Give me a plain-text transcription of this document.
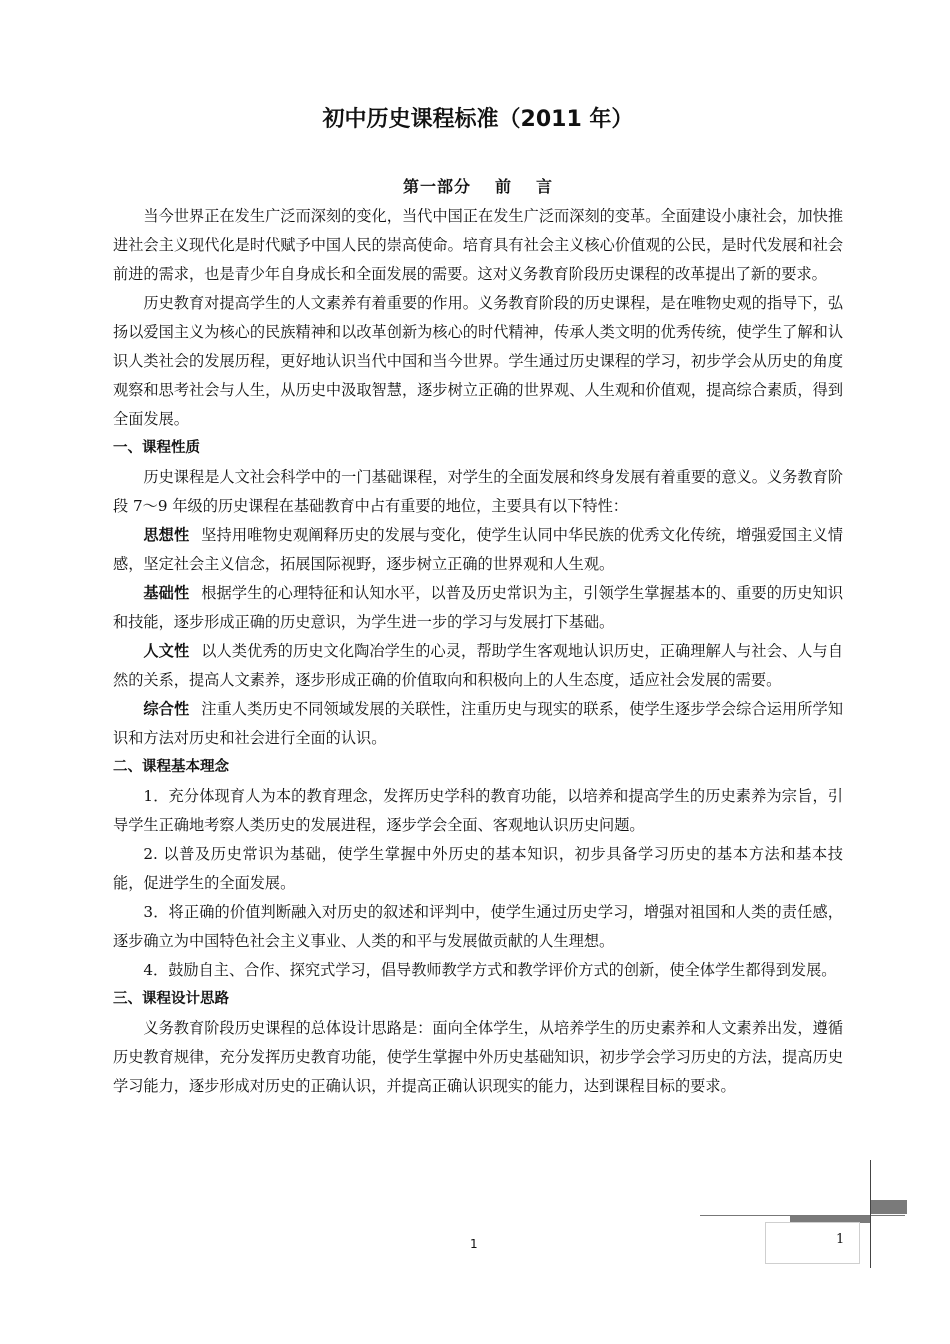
初中历史课程标准（2011 年）
第一部分 前 言

当今世界正在发生广泛而深刻的变化，当代中国正在发生广泛而深刻的变革。全面建设小康社会，加快推进社会主义现代化是时代赋予中国人民的崇高使命。培育具有社会主义核心价值观的公民，是时代发展和社会前进的需求，也是青少年自身成长和全面发展的需要。这对义务教育阶段历史课程的改革提出了新的要求。

历史教育对提高学生的人文素养有着重要的作用。义务教育阶段的历史课程，是在唯物史观的指导下，弘扬以爱国主义为核心的民族精神和以改革创新为核心的时代精神，传承人类文明的优秀传统，使学生了解和认识人类社会的发展历程，更好地认识当代中国和当今世界。学生通过历史课程的学习，初步学会从历史的角度观察和思考社会与人生，从历史中汲取智慧，逐步树立正确的世界观、人生观和价值观，提高综合素质，得到全面发展。

一、课程性质

历史课程是人文社会科学中的一门基础课程，对学生的全面发展和终身发展有着重要的意义。义务教育阶段 7～9 年级的历史课程在基础教育中占有重要的地位，主要具有以下特性：

思想性 坚持用唯物史观阐释历史的发展与变化，使学生认同中华民族的优秀文化传统，增强爱国主义情感，坚定社会主义信念，拓展国际视野，逐步树立正确的世界观和人生观。

基础性 根据学生的心理特征和认知水平，以普及历史常识为主，引领学生掌握基本的、重要的历史知识和技能，逐步形成正确的历史意识，为学生进一步的学习与发展打下基础。

人文性 以人类优秀的历史文化陶冶学生的心灵，帮助学生客观地认识历史，正确理解人与社会、人与自然的关系，提高人文素养，逐步形成正确的价值取向和积极向上的人生态度，适应社会发展的需要。

综合性 注重人类历史不同领域发展的关联性，注重历史与现实的联系，使学生逐步学会综合运用所学知识和方法对历史和社会进行全面的认识。

二、课程基本理念

1．充分体现育人为本的教育理念，发挥历史学科的教育功能，以培养和提高学生的历史素养为宗旨，引导学生正确地考察人类历史的发展进程，逐步学会全面、客观地认识历史问题。

2. 以普及历史常识为基础，使学生掌握中外历史的基本知识，初步具备学习历史的基本方法和基本技能，促进学生的全面发展。

3．将正确的价值判断融入对历史的叙述和评判中，使学生通过历史学习，增强对祖国和人类的责任感，逐步确立为中国特色社会主义事业、人类的和平与发展做贡献的人生理想。

4．鼓励自主、合作、探究式学习，倡导教师教学方式和教学评价方式的创新，使全体学生都得到发展。

三、课程设计思路

义务教育阶段历史课程的总体设计思路是：面向全体学生，从培养学生的历史素养和人文素养出发，遵循历史教育规律，充分发挥历史教育功能，使学生掌握中外历史基础知识，初步学会学习历史的方法，提高历史学习能力，逐步形成对历史的正确认识，并提高正确认识现实的能力，达到课程目标的要求。

1	1
